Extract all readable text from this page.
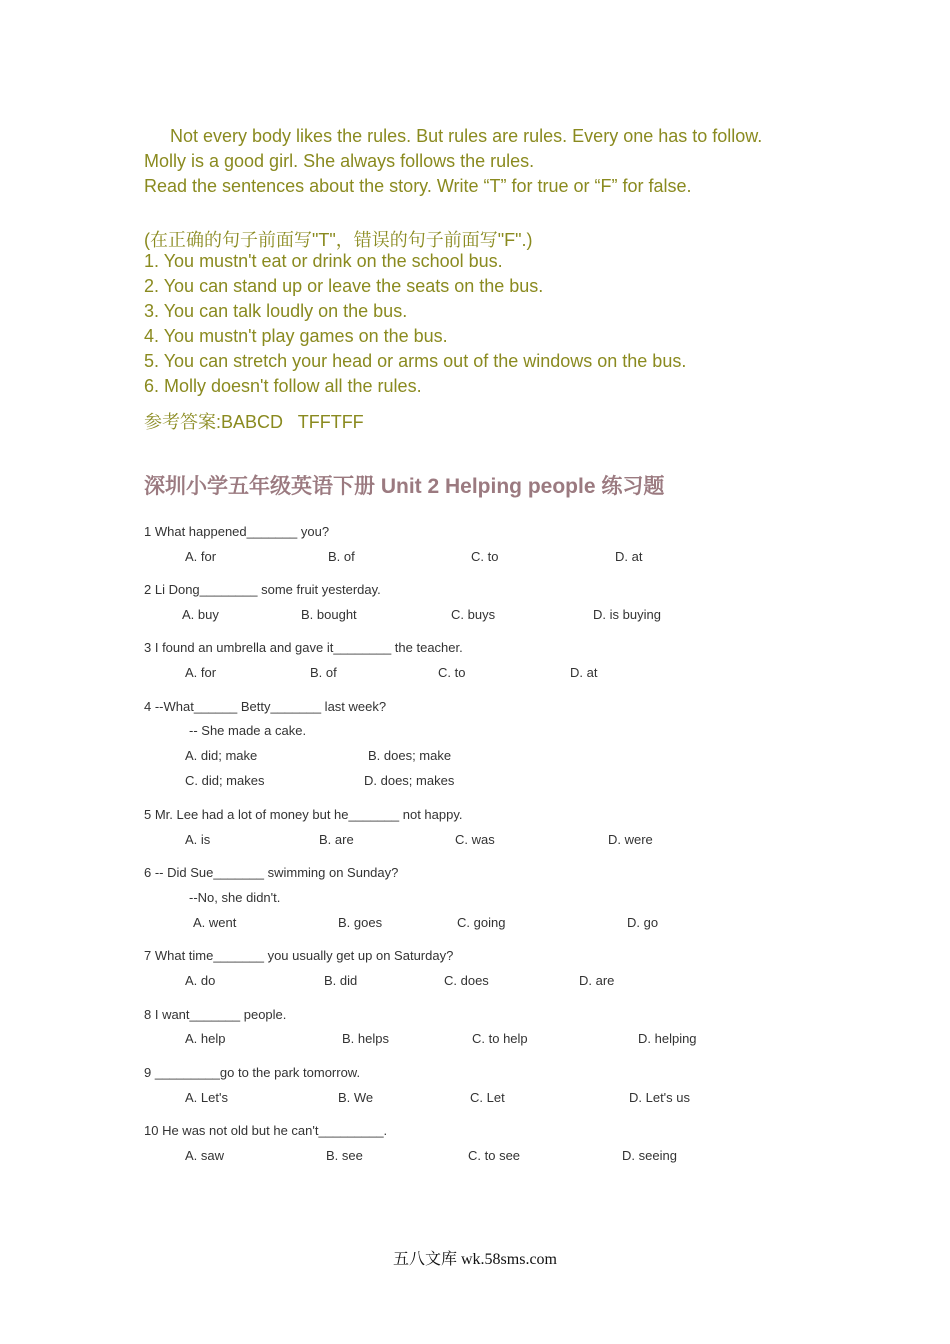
Not every body likes the rules. But rules are rules. Every one has to follow.
Molly is a good girl. She always follows the rules.
Read the sentences about the story. Write “T” for true or “F” for false.
(在正确的句子前面写"T"，错误的句子前面写"F".)
1. You mustn't eat or drink on the school bus.
2. You can stand up or leave the seats on the bus.
3. You can talk loudly on the bus.
4. You mustn't play games on the bus.
5. You can stretch your head or arms out of the windows on the bus.
6. Molly doesn't follow all the rules.
参考答案:BABCD   TFFTFF
深圳小学五年级英语下册 Unit 2 Helping people 练习题
1 What happened_______ you?
A. for	B. of	C. to	D. at
2 Li Dong________ some fruit yesterday.
A. buy	B. bought	C. buys	D. is buying
3 I found an umbrella and gave it________ the teacher.
A. for	B. of	C. to	D. at
4 --What______ Betty_______ last week?
-- She made a cake.
A. did; make	B. does; make
C. did; makes	D. does; makes
5 Mr. Lee had a lot of money but he_______ not happy.
A. is	B. are	C. was	D. were
6 -- Did Sue_______ swimming on Sunday?
--No, she didn't.
A. went	B. goes	C. going	D. go
7 What time_______ you usually get up on Saturday?
A. do	B. did	C. does	D. are
8 I want_______ people.
A. help	B. helps	C. to help	D. helping
9 _________go to the park tomorrow.
A. Let's	B. We	C. Let	D. Let's us
10 He was not old but he can't_________.
A. saw	B. see	C. to see	D. seeing
五八文库 wk.58sms.com
